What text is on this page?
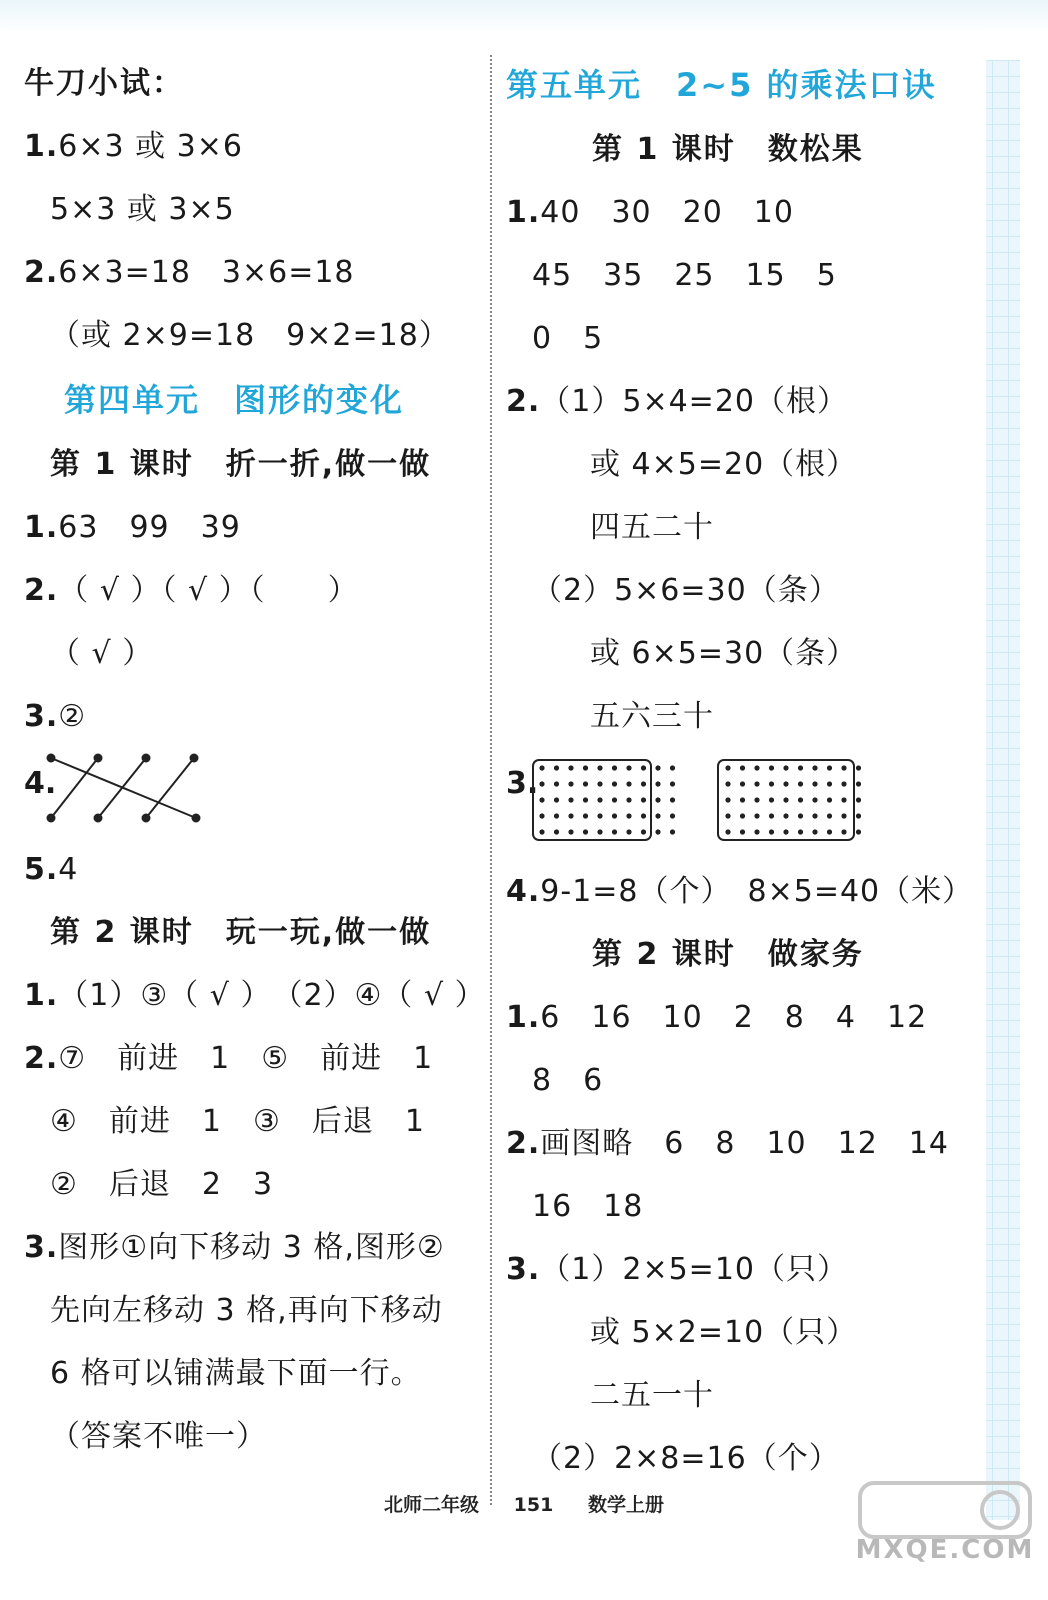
牛刀小试：
1.6×3 或 3×6
5×3 或 3×5
2.6×3=18　3×6=18
（或 2×9=18　9×2=18）
第四单元　图形的变化
第 1 课时　折一折,做一做
1.63　99　39
2.（ √ ）（ √ ）（　　）
（ √ ）
3.②
4.
5.4
第 2 课时　玩一玩,做一做
1.（1）③（ √ ）　（2）④（ √ ）
2.⑦　前进　1　⑤　前进　1
④　前进　1　③　后退　1
②　后退　2　3
3.图形①向下移动 3 格,图形②
先向左移动 3 格,再向下移动
6 格可以铺满最下面一行。
（答案不唯一）
第五单元　2~5 的乘法口诀
第 1 课时　数松果
1.40　30　20　10
45　35　25　15　5
0　5
2.（1）5×4=20（根）
或 4×5=20（根）
四五二十
（2）5×6=30（条）
或 6×5=30（条）
五六三十
3.
4.9-1=8（个）　8×5=40（米）
第 2 课时　做家务
1.6　16　10　2　8　4　12
8　6
2.画图略　6　8　10　12　14
16　18
3.（1）2×5=10（只）
或 5×2=10（只）
二五一十
（2）2×8=16（个）
北师二年级 151 数学上册
MXQE.COM
